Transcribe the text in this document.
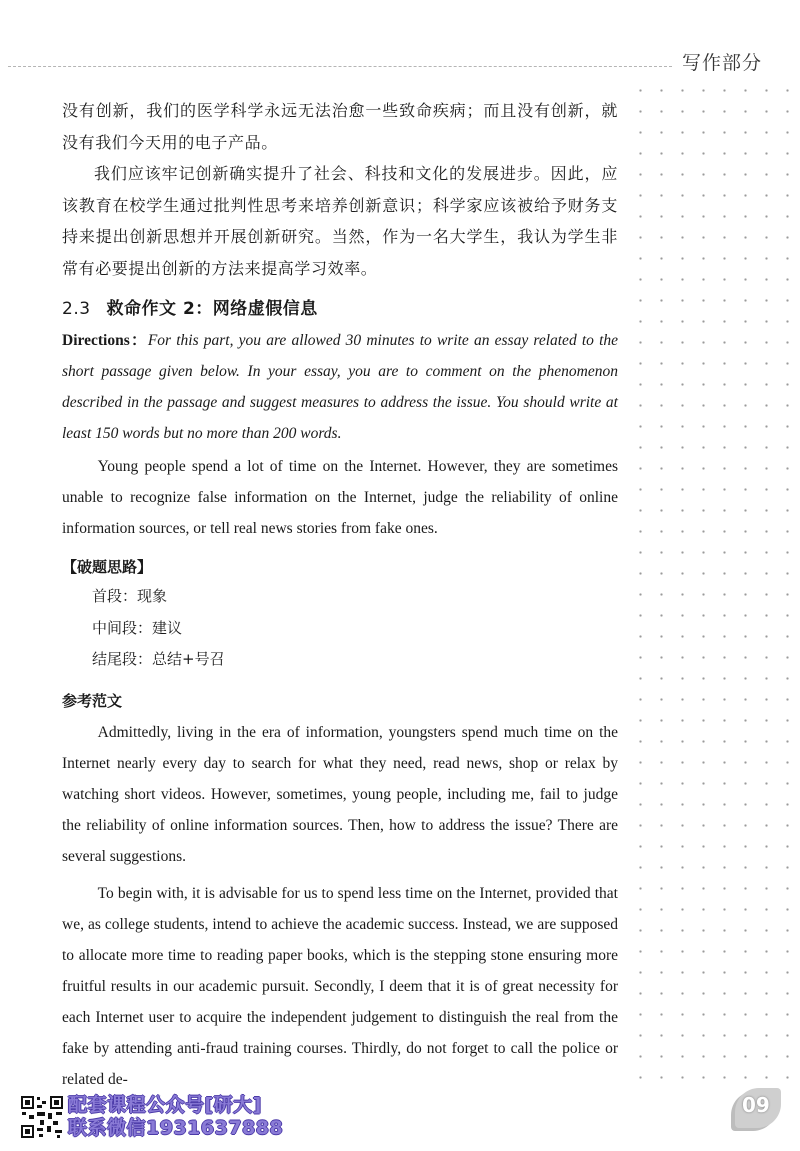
写作部分

没有创新，我们的医学科学永远无法治愈一些致命疾病；而且没有创新，就没有我们今天用的电子产品。

我们应该牢记创新确实提升了社会、科技和文化的发展进步。因此，应该教育在校学生通过批判性思考来培养创新意识；科学家应该被给予财务支持来提出创新思想并开展创新研究。当然，作为一名大学生，我认为学生非常有必要提出创新的方法来提高学习效率。

2.3 救命作文 2：网络虚假信息

Directions：For this part, you are allowed 30 minutes to write an essay related to the short passage given below. In your essay, you are to comment on the phenomenon described in the passage and suggest measures to address the issue. You should write at least 150 words but no more than 200 words.

Young people spend a lot of time on the Internet. However, they are sometimes unable to recognize false information on the Internet, judge the reliability of online information sources, or tell real news stories from fake ones.

【破题思路】

首段：现象

中间段：建议

结尾段：总结+号召

参考范文

Admittedly, living in the era of information, youngsters spend much time on the Internet nearly every day to search for what they need, read news, shop or relax by watching short videos. However, sometimes, young people, including me, fail to judge the reliability of online information sources. Then, how to address the issue? There are several suggestions.

To begin with, it is advisable for us to spend less time on the Internet, provided that we, as college students, intend to achieve the academic success. Instead, we are supposed to allocate more time to reading paper books, which is the stepping stone ensuring more fruitful results in our academic pursuit. Secondly, I deem that it is of great necessity for each Internet user to acquire the independent judgement to distinguish the real from the fake by attending anti-fraud training courses. Thirdly, do not forget to call the police or related de-

配套课程公众号[研大]
联系微信1931637888
09
